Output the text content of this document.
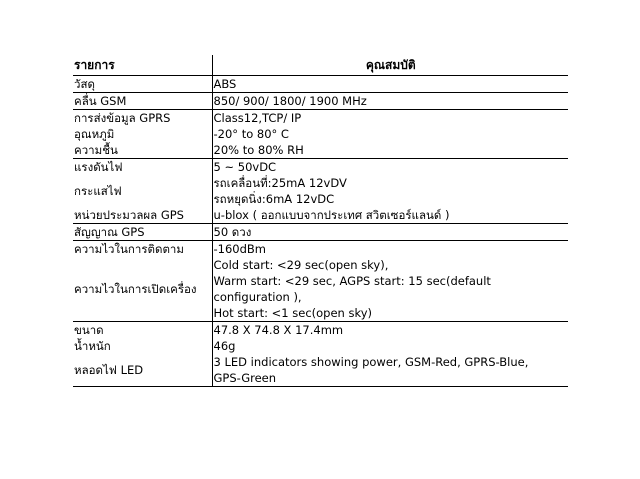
รายการ	คุณสมบัติ
วัสดุ	ABS

คลื่น GSM	850/ 900/ 1800/ 1900 MHz

การส่งข้อมูล GPRS	Class12,TCP/ IP

อุณหภูมิ	-20° to 80° C

ความชื้น	20% to 80% RH

แรงดันไฟ	5 ~ 50vDC

กระแสไฟ	รถเคลื่อนที่:25mA 12vDV
รถหยุดนิ่ง:6mA 12vDC

หน่วยประมวลผล GPS	u-blox ( ออกแบบจากประเทศ สวิตเซอร์แลนด์ )

สัญญาณ GPS	50 ดวง

ความไวในการติดตาม	-160dBm

ความไวในการเปิดเครื่อง	Cold start: <29 sec(open sky),
Warm start: <29 sec, AGPS start: 15 sec(default
configuration ),
Hot start: <1 sec(open sky)

ขนาด	47.8 X 74.8 X 17.4mm

น้ำหนัก	46g

หลอดไฟ LED	3 LED indicators showing power, GSM-Red, GPRS-Blue,
GPS-Green
